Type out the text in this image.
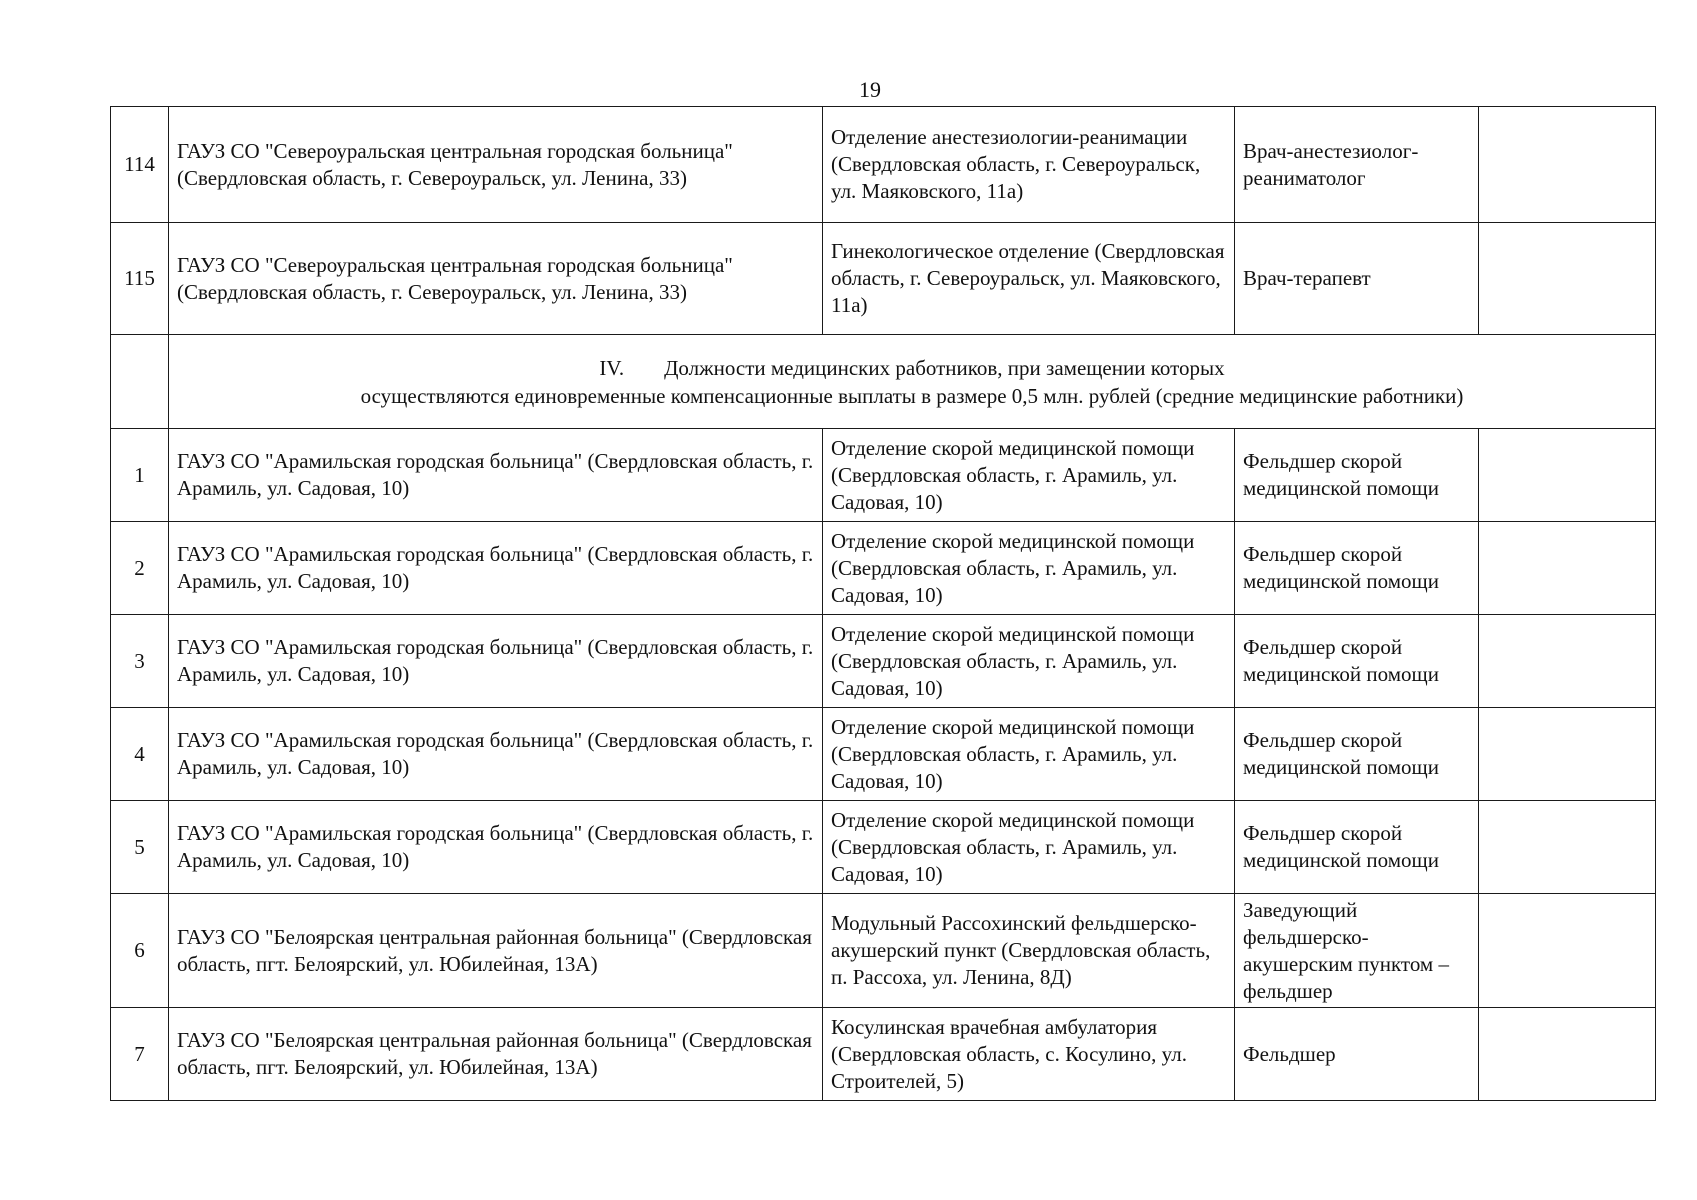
19
114	ГАУЗ СО "Североуральская центральная городская больница" (Свердловская область, г. Североуральск, ул. Ленина, 33)	Отделение анестезиологии-реанимации (Свердловская область, г. Североуральск, ул. Маяковского, 11а)	Врач-анестезиолог-реаниматолог	
115	ГАУЗ СО "Североуральская центральная городская больница" (Свердловская область, г. Североуральск, ул. Ленина, 33)	Гинекологическое отделение (Свердловская область, г. Североуральск, ул. Маяковского, 11а)	Врач-терапевт	
	IV. Должности медицинских работников, при замещении которых
осуществляются единовременные компенсационные выплаты в размере 0,5 млн. рублей (средние медицинские работники)			
1	ГАУЗ СО "Арамильская городская больница" (Свердловская область, г. Арамиль, ул. Садовая, 10)	Отделение скорой медицинской помощи (Свердловская область, г. Арамиль, ул. Садовая, 10)	Фельдшер скорой медицинской помощи	
2	ГАУЗ СО "Арамильская городская больница" (Свердловская область, г. Арамиль, ул. Садовая, 10)	Отделение скорой медицинской помощи (Свердловская область, г. Арамиль, ул. Садовая, 10)	Фельдшер скорой медицинской помощи	
3	ГАУЗ СО "Арамильская городская больница" (Свердловская область, г. Арамиль, ул. Садовая, 10)	Отделение скорой медицинской помощи (Свердловская область, г. Арамиль, ул. Садовая, 10)	Фельдшер скорой медицинской помощи	
4	ГАУЗ СО "Арамильская городская больница" (Свердловская область, г. Арамиль, ул. Садовая, 10)	Отделение скорой медицинской помощи (Свердловская область, г. Арамиль, ул. Садовая, 10)	Фельдшер скорой медицинской помощи	
5	ГАУЗ СО "Арамильская городская больница" (Свердловская область, г. Арамиль, ул. Садовая, 10)	Отделение скорой медицинской помощи (Свердловская область, г. Арамиль, ул. Садовая, 10)	Фельдшер скорой медицинской помощи	
6	ГАУЗ СО "Белоярская центральная районная больница" (Свердловская область, пгт. Белоярский, ул. Юбилейная, 13А)	Модульный Рассохинский фельдшерско-акушерский пункт (Свердловская область, п. Рассоха, ул. Ленина, 8Д)	Заведующий фельдшерско-акушерским пунктом – фельдшер	
7	ГАУЗ СО "Белоярская центральная районная больница" (Свердловская область, пгт. Белоярский, ул. Юбилейная, 13А)	Косулинская врачебная амбулатория (Свердловская область, с. Косулино, ул. Строителей, 5)	Фельдшер	
